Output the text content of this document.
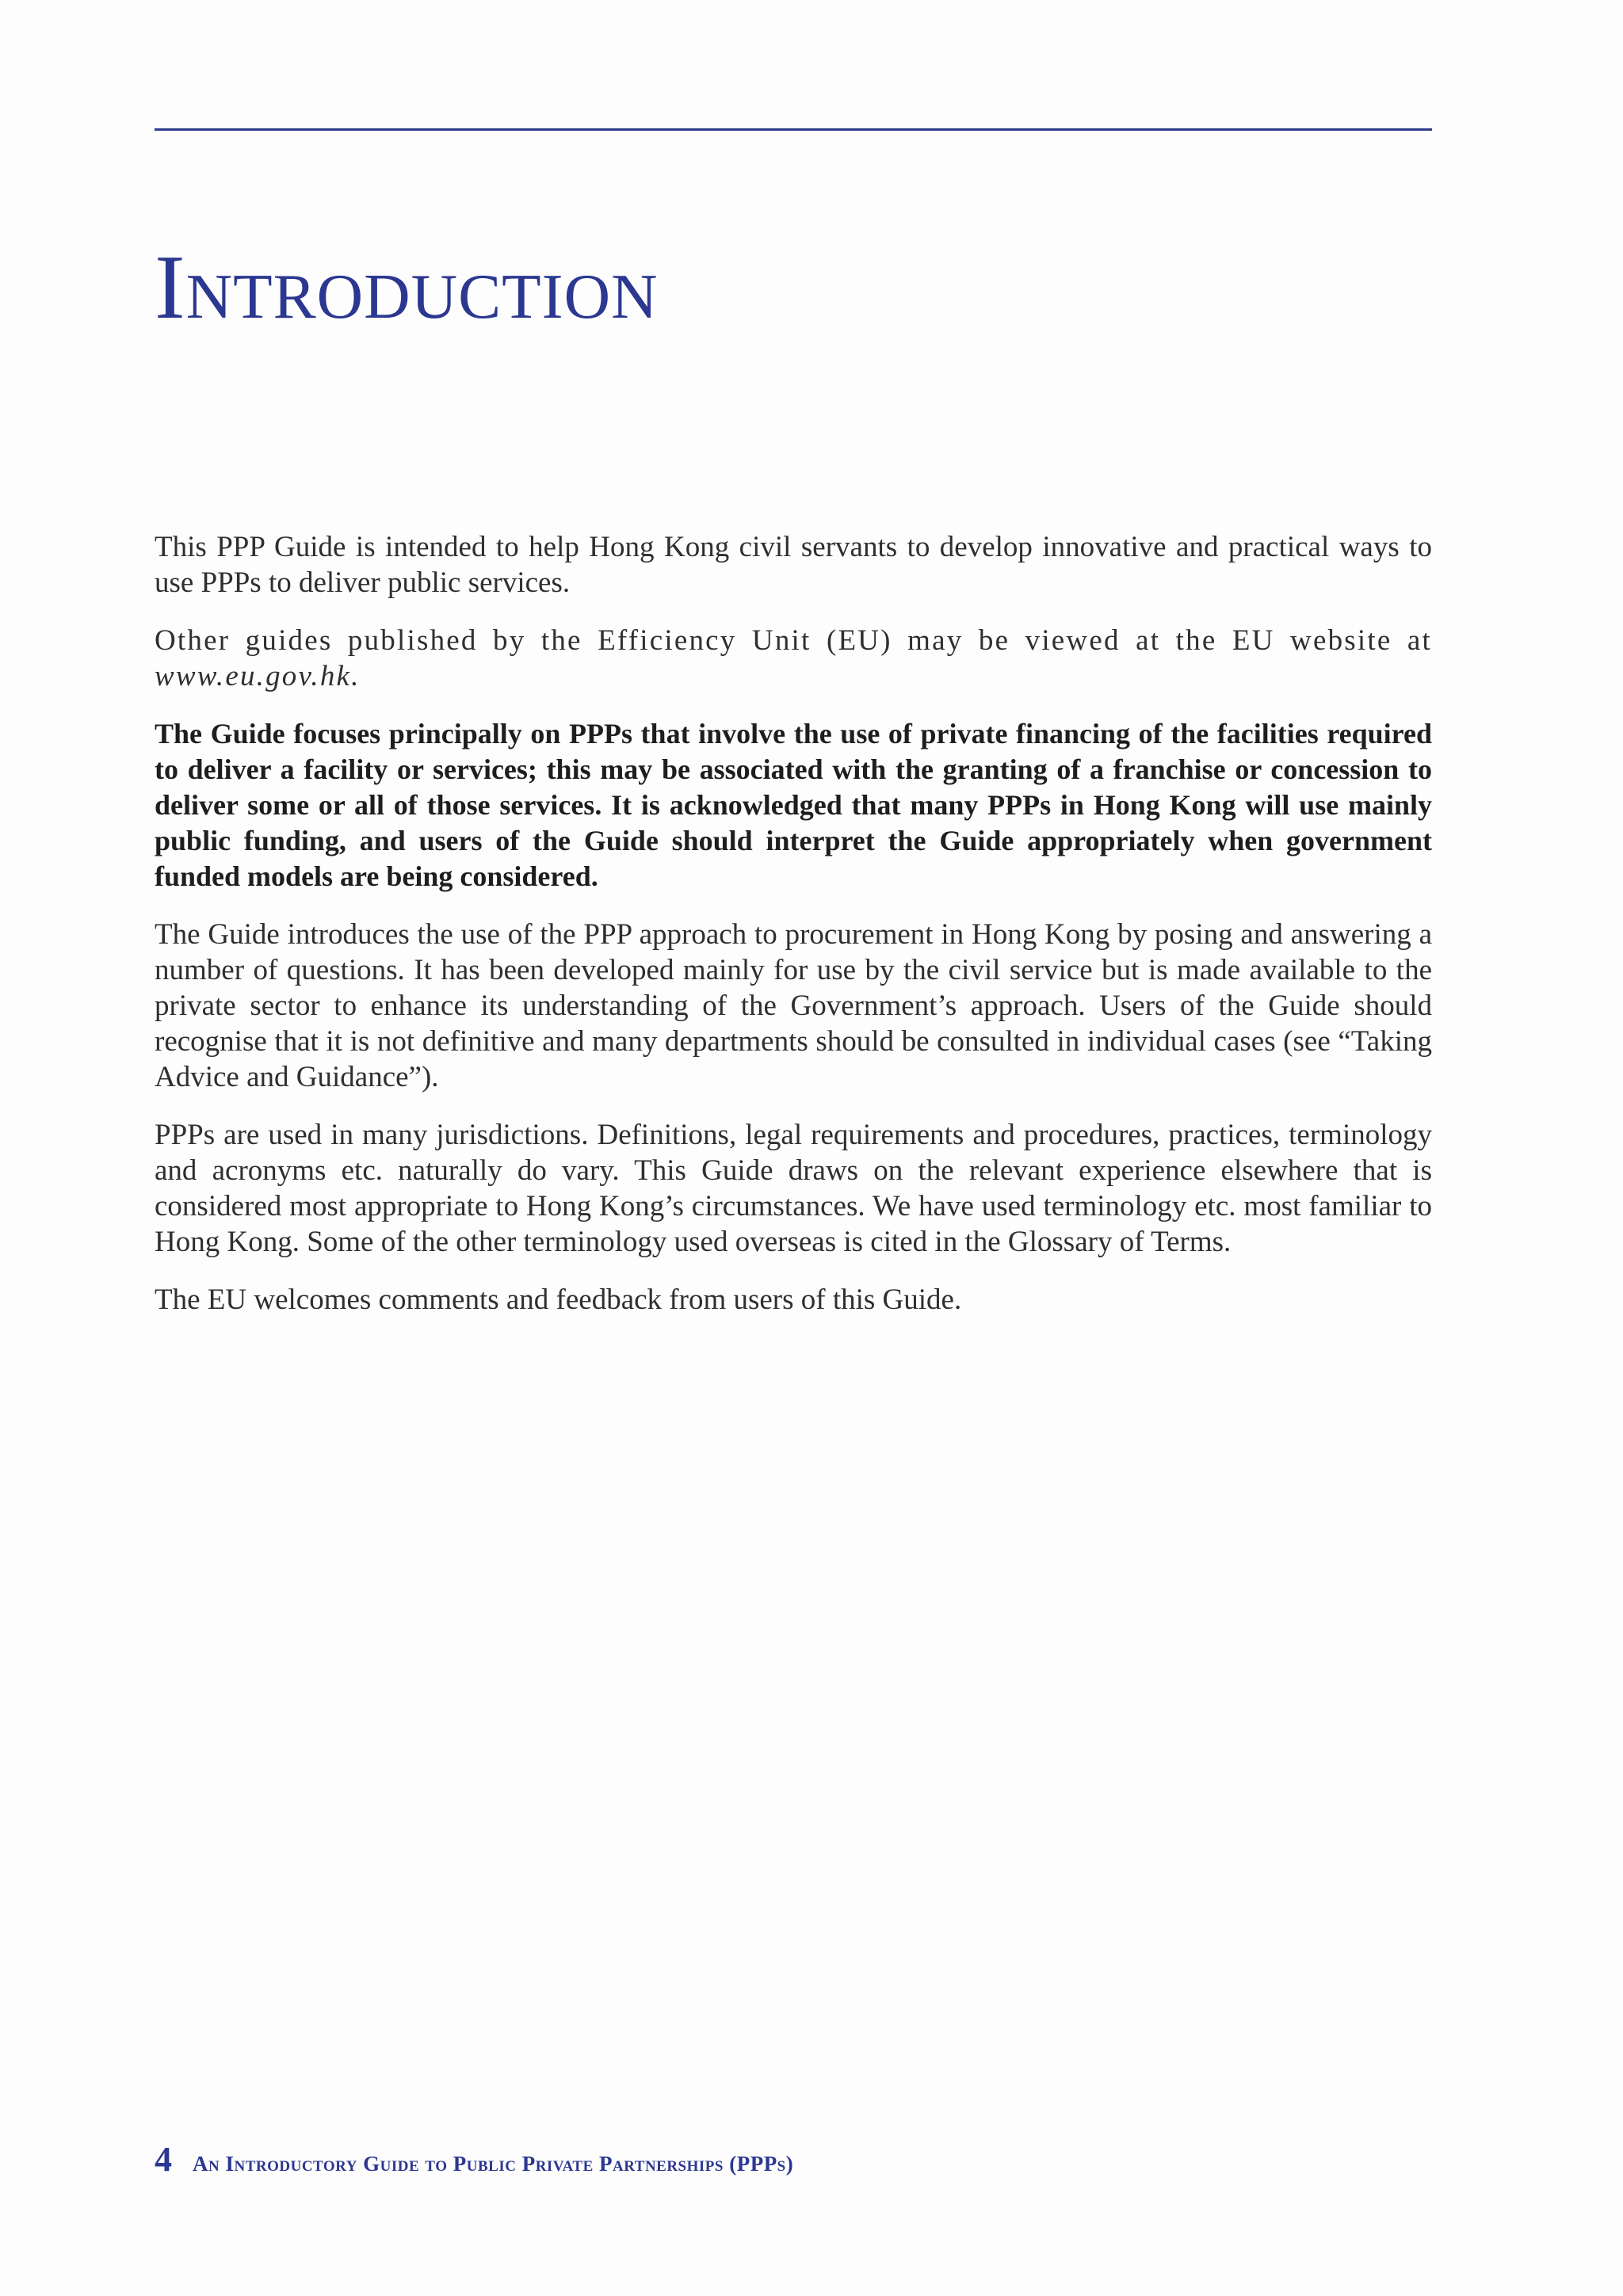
Introduction

This PPP Guide is intended to help Hong Kong civil servants to develop innovative and practical ways to use PPPs to deliver public services.

Other guides published by the Efficiency Unit (EU) may be viewed at the EU website at www.eu.gov.hk.

The Guide focuses principally on PPPs that involve the use of private financing of the facilities required to deliver a facility or services; this may be associated with the granting of a franchise or concession to deliver some or all of those services. It is acknowledged that many PPPs in Hong Kong will use mainly public funding, and users of the Guide should interpret the Guide appropriately when government funded models are being considered.

The Guide introduces the use of the PPP approach to procurement in Hong Kong by posing and answering a number of questions. It has been developed mainly for use by the civil service but is made available to the private sector to enhance its understanding of the Government’s approach. Users of the Guide should recognise that it is not definitive and many departments should be consulted in individual cases (see “Taking Advice and Guidance”).

PPPs are used in many jurisdictions. Definitions, legal requirements and procedures, practices, terminology and acronyms etc. naturally do vary. This Guide draws on the relevant experience elsewhere that is considered most appropriate to Hong Kong’s circumstances. We have used terminology etc. most familiar to Hong Kong. Some of the other terminology used overseas is cited in the Glossary of Terms.

The EU welcomes comments and feedback from users of this Guide.

4 An Introductory Guide to Public Private Partnerships (PPPs)
